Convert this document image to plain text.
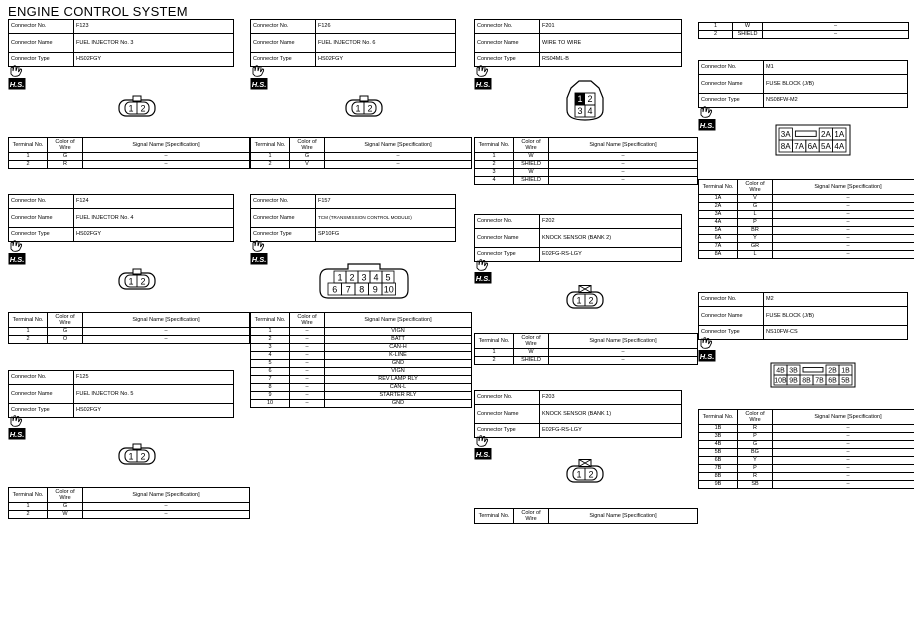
ENGINE CONTROL SYSTEM
Connector No.	F123
Connector Name	FUEL INJECTOR No. 3
Connector Type	HS02FGY
H.S.
1 2
Terminal No.	Color of Wire	Signal Name [Specification]
1	G	–
2	R	–
Connector No.	F124
Connector Name	FUEL INJECTOR No. 4
Connector Type	HS02FGY
H.S.
1 2
Terminal No.	Color of Wire	Signal Name [Specification]
1	G	–
2	O	–
Connector No.	F125
Connector Name	FUEL INJECTOR No. 5
Connector Type	HS02FGY
H.S.
1 2
Terminal No.	Color of Wire	Signal Name [Specification]
1	G	–
2	W	–
Connector No.	F126
Connector Name	FUEL INJECTOR No. 6
Connector Type	HS02FGY
H.S.
1 2
Terminal No.	Color of Wire	Signal Name [Specification]
1	G	–
2	V	–
Connector No.	F157
Connector Name	TCM (TRANSMISSION CONTROL MODULE)
Connector Type	SP10FG
H.S.
1 2 3 4 5
6 7 8 9 10
Terminal No.	Color of Wire	Signal Name [Specification]
1	–	VIGN
2	–	BATT
3	–	CAN-H
4	–	K-LINE
5	–	GND
6	–	VIGN
7	–	REV LAMP RLY
8	–	CAN-L
9	–	STARTER RLY
10	–	GND
Connector No.	F201
Connector Name	WIRE TO WIRE
Connector Type	RS04ML-B
H.S.
1 2
3 4
Terminal No.	Color of Wire	Signal Name [Specification]
1	W	–
2	SHIELD	–
3	W	–
4	SHIELD	–
Connector No.	F202
Connector Name	KNOCK SENSOR (BANK 2)
Connector Type	E02FG-RS-LGY
H.S.
1 2
Terminal No.	Color of Wire	Signal Name [Specification]
1	W	–
2	SHIELD	–
Connector No.	F203
Connector Name	KNOCK SENSOR (BANK 1)
Connector Type	E02FG-RS-LGY
H.S.
1 2
Terminal No.	Color of Wire	Signal Name [Specification]

1	W	–
2	SHIELD	–
Connector No.	M1
Connector Name	FUSE BLOCK (J/B)
Connector Type	NS08FW-M2
H.S.
8A 7A 6A 5A 4A
3A	2A 1A
Terminal No.	Color of Wire	Signal Name [Specification]
1A	V	–
2A	G	–
3A	L	–
4A	P	–
5A	BR	–
6A	Y	–
7A	GR	–
8A	L	–
Connector No.	M2
Connector Name	FUSE BLOCK (J/B)
Connector Type	NS10FW-CS
H.S.
10B 9B 8B 7B 6B 5B
4B 3B	2B 1B
Terminal No.	Color of Wire	Signal Name [Specification]
1B	R	–
3B	P	–
4B	G	–
5B	BG	–
6B	Y	–
7B	P	–
8B	R	–
9B	SB	–
